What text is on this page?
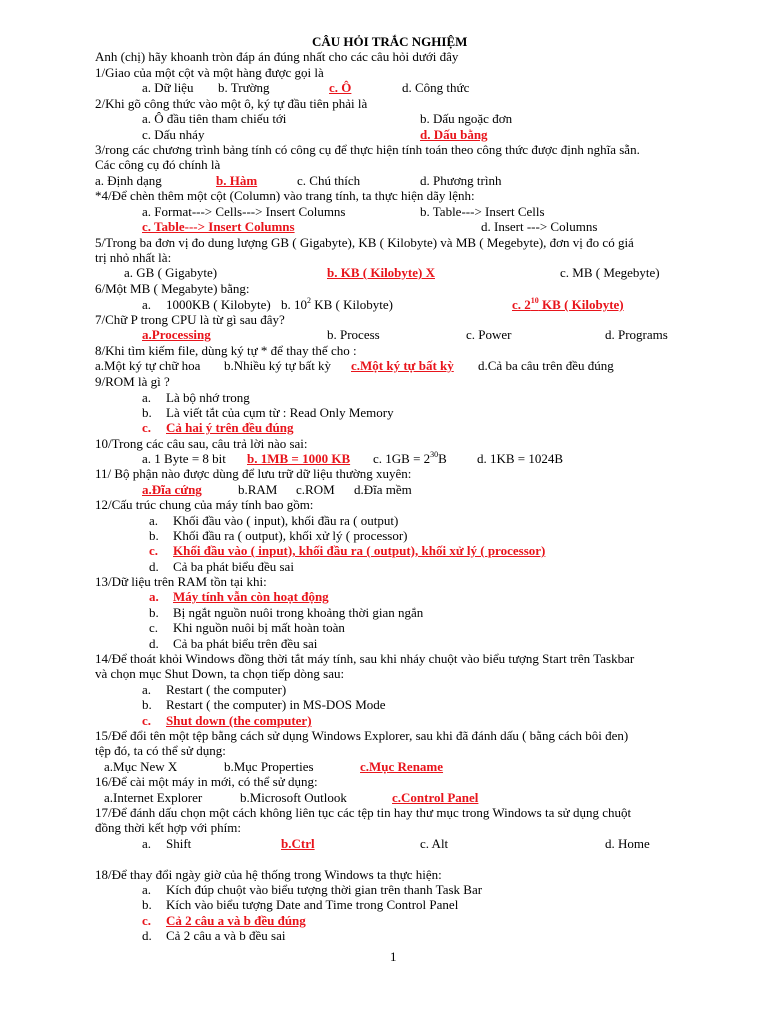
CÂU HỎI TRẮC NGHIỆM
Anh (chị) hãy khoanh tròn đáp án đúng nhất cho các câu hỏi dưới đây
1/Giao của một cột và một hàng được gọi là
a. Dữ liệu b. Trường	c. Ô	d. Công thức
2/Khi gõ công thức vào một ô, ký tự đầu tiên phải là
a. Ô đầu tiên tham chiếu tới	b. Dấu ngoặc đơn
c. Dấu nháy	d. Dấu bằng
3/rong các chương trình bảng tính có công cụ để thực hiện tính toán theo công thức được định nghĩa sẵn.
Các công cụ đó chính là
a. Định dạng	b. Hàm	c. Chú thích	d. Phương trình
*4/Để chèn thêm một cột (Column) vào trang tính, ta thực hiện dãy lệnh:
a. Format---> Cells---> Insert Columns	b. Table---> Insert Cells
c. Table---> Insert Columns	d. Insert ---> Columns
5/Trong ba đơn vị đo dung lượng GB ( Gigabyte), KB ( Kilobyte) và MB ( Megebyte), đơn vị đo có giá
trị nhỏ nhất là:
a. GB ( Gigabyte)	b. KB ( Kilobyte) X	c. MB ( Megebyte)
6/Một MB ( Megabyte) bằng:
a. 1000KB ( Kilobyte) b. $10^2$ KB ( Kilobyte)	c. $2^{10}$ KB ( Kilobyte)
7/Chữ P trong CPU là từ gì sau đây?
a.Processing	b. Process	c. Power	d. Programs
8/Khi tìm kiếm file, dùng ký tự * để thay thế cho :
a.Một ký tự chữ hoa b.Nhiều ký tự bất kỳ c.Một ký tự bất kỳ d.Cả ba câu trên đều đúng
9/ROM là gì ?
a. Là bộ nhớ trong
b. Là viết tắt của cụm từ : Read Only Memory
c. Cả hai ý trên đều đúng
10/Trong các câu sau, câu trả lời nào sai:
a. 1 Byte = 8 bit b. 1MB = 1000 KB c. $1GB = 2^{30}B$ d. 1KB = 1024B
11/ Bộ phận nào được dùng để lưu trữ dữ liệu thường xuyên:
a.Đĩa cứng	b.RAM c.ROM d.Đĩa mềm
12/Cấu trúc chung của máy tính bao gồm:
a. Khối đầu vào ( input), khối đầu ra ( output)
b. Khối đầu ra ( output), khối xử lý ( processor)
c. Khối đầu vào ( input), khối đầu ra ( output), khối xử lý ( processor)
d. Cả ba phát biểu đều sai
13/Dữ liệu trên RAM tồn tại khi:
a. Máy tính vẫn còn hoạt động
b. Bị ngắt nguồn nuôi trong khoảng thời gian ngắn
c. Khi nguồn nuôi bị mất hoàn toàn
d. Cả ba phát biểu trên đều sai
14/Để thoát khỏi Windows đồng thời tắt máy tính, sau khi nháy chuột vào biểu tượng Start trên Taskbar
và chọn mục Shut Down, ta chọn tiếp dòng sau:
a. Restart ( the computer)
b. Restart ( the computer) in MS-DOS Mode
c. Shut down (the computer)
15/Để đổi tên một tệp bằng cách sử dụng Windows Explorer, sau khi đã đánh dấu ( bằng cách bôi đen)
tệp đó, ta có thể sử dụng:
a.Mục New X	b.Mục Properties	c.Mục Rename
16/Để cài một máy in mới, có thể sử dụng:
a.Internet Explorer	b.Microsoft Outlook	c.Control Panel
17/Để đánh dấu chọn một cách không liên tục các tệp tin hay thư mục trong Windows ta sử dụng chuột
đồng thời kết hợp với phím:
a. Shift	b.Ctrl	c. Alt	d. Home
18/Để thay đổi ngày giờ của hệ thống trong Windows ta thực hiện:
a. Kích đúp chuột vào biểu tượng thời gian trên thanh Task Bar
b. Kích vào biểu tượng Date and Time trong Control Panel
c. Cả 2 câu a và b đều đúng
d. Cả 2 câu a và b đều sai
1
